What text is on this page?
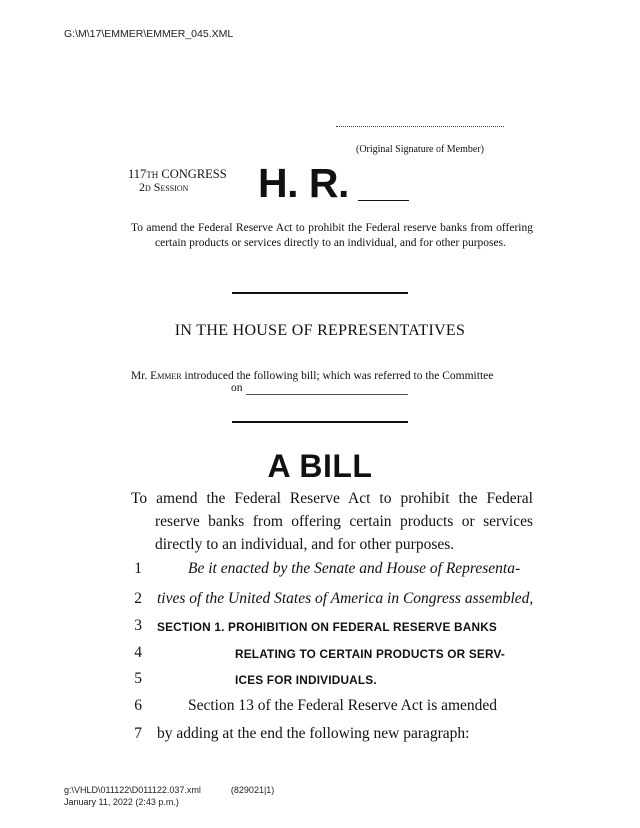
G:\M\17\EMMER\EMMER_045.XML
(Original Signature of Member)
117th CONGRESS
2d Session	H. R.
To amend the Federal Reserve Act to prohibit the Federal reserve banks from offering certain products or services directly to an individual, and for other purposes.
IN THE HOUSE OF REPRESENTATIVES
Mr. Emmer introduced the following bill; which was referred to the Committee
on
A BILL
To amend the Federal Reserve Act to prohibit the Federal reserve banks from offering certain products or services directly to an individual, and for other purposes.
1	Be it enacted by the Senate and House of Representa-
2 tives of the United States of America in Congress assembled,
3 SECTION 1. PROHIBITION ON FEDERAL RESERVE BANKS
4	RELATING TO CERTAIN PRODUCTS OR SERV-
5	ICES FOR INDIVIDUALS.
6	Section 13 of the Federal Reserve Act is amended
7 by adding at the end the following new paragraph:
g:\VHLD\011122\D011122.037.xml	(829021|1)
January 11, 2022 (2:43 p.m.)
